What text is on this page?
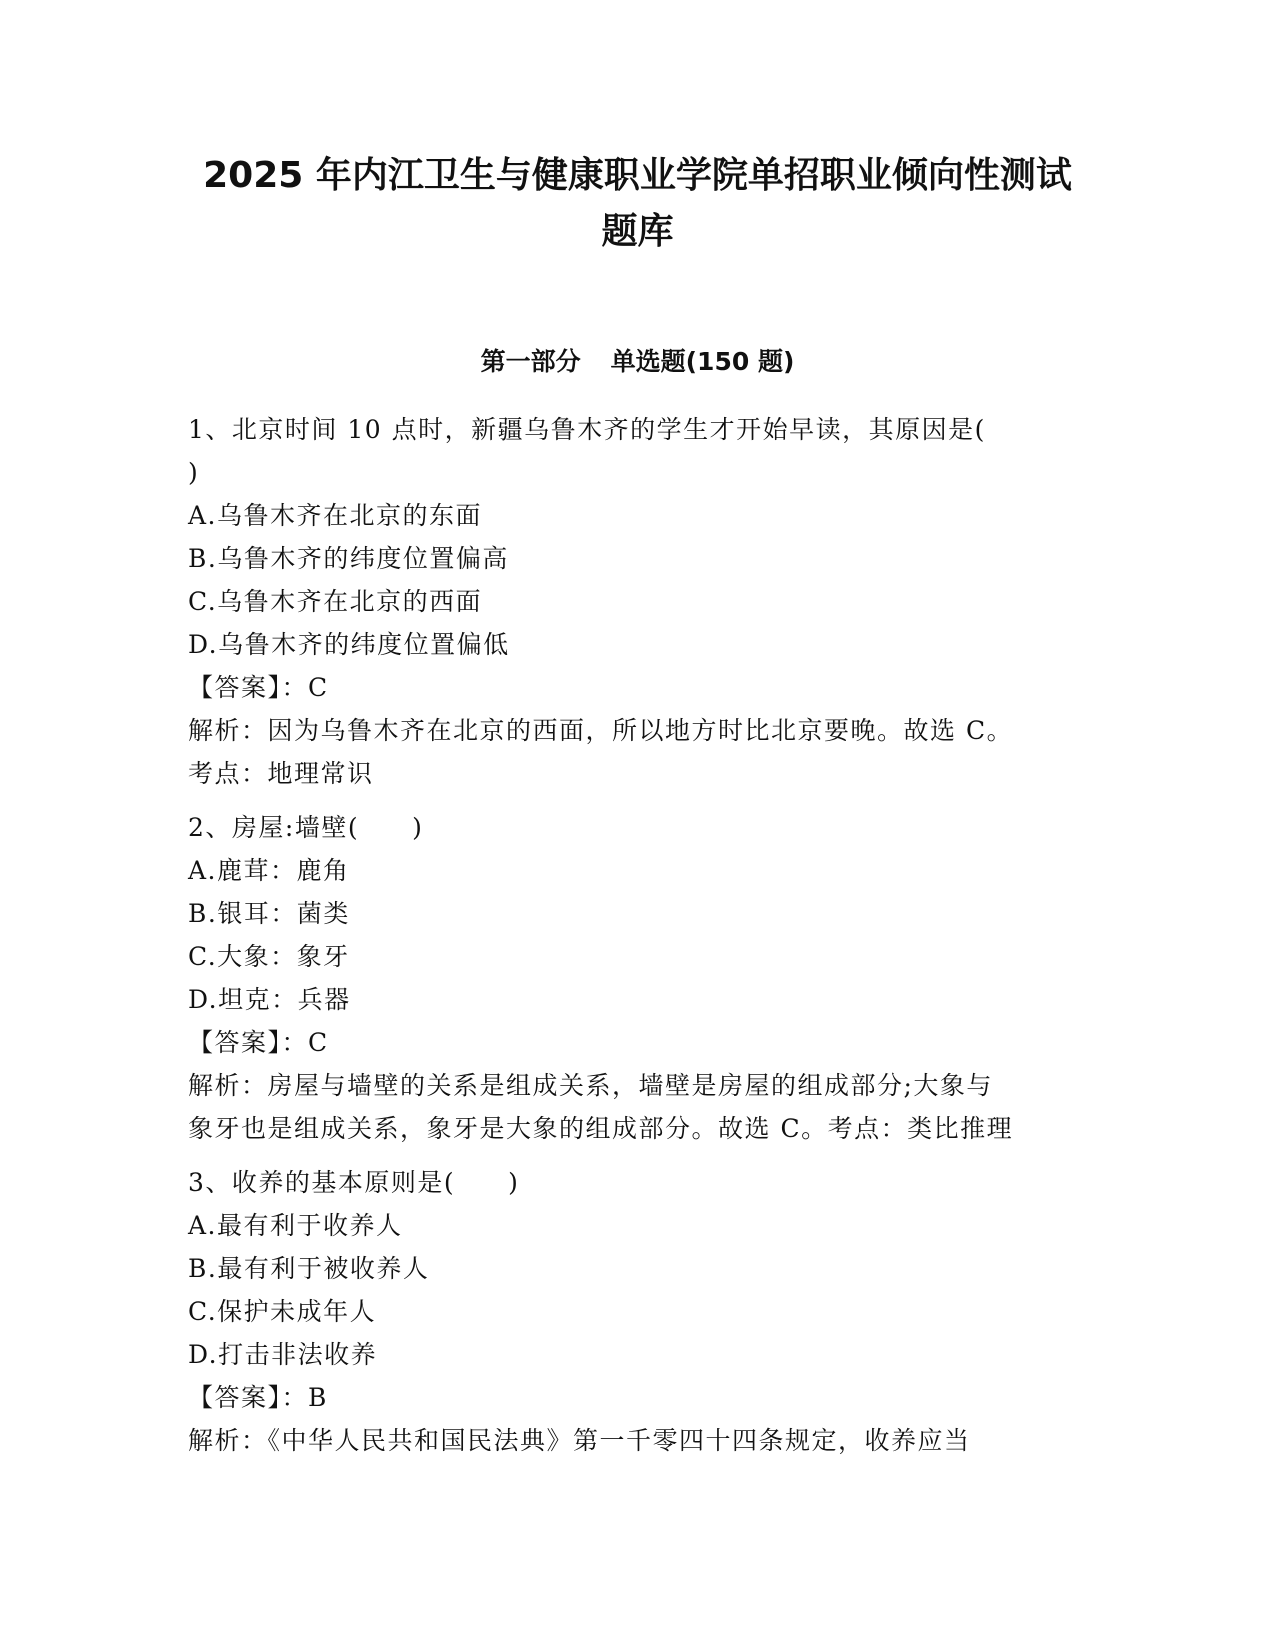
2025 年内江卫生与健康职业学院单招职业倾向性测试
题库
第一部分 单选题(150 题)

1、北京时间 10 点时，新疆乌鲁木齐的学生才开始早读，其原因是(
)

A.乌鲁木齐在北京的东面

B.乌鲁木齐的纬度位置偏高

C.乌鲁木齐在北京的西面

D.乌鲁木齐的纬度位置偏低

【答案】：C

解析：因为乌鲁木齐在北京的西面，所以地方时比北京要晚。故选 C。

考点：地理常识

2、房屋:墙壁(　　)

A.鹿茸：鹿角

B.银耳：菌类

C.大象：象牙

D.坦克：兵器

【答案】：C

解析：房屋与墙壁的关系是组成关系，墙壁是房屋的组成部分;大象与

象牙也是组成关系，象牙是大象的组成部分。故选 C。考点：类比推理

3、收养的基本原则是(　　)

A.最有利于收养人

B.最有利于被收养人

C.保护未成年人

D.打击非法收养

【答案】：B

解析：《中华人民共和国民法典》第一千零四十四条规定，收养应当
